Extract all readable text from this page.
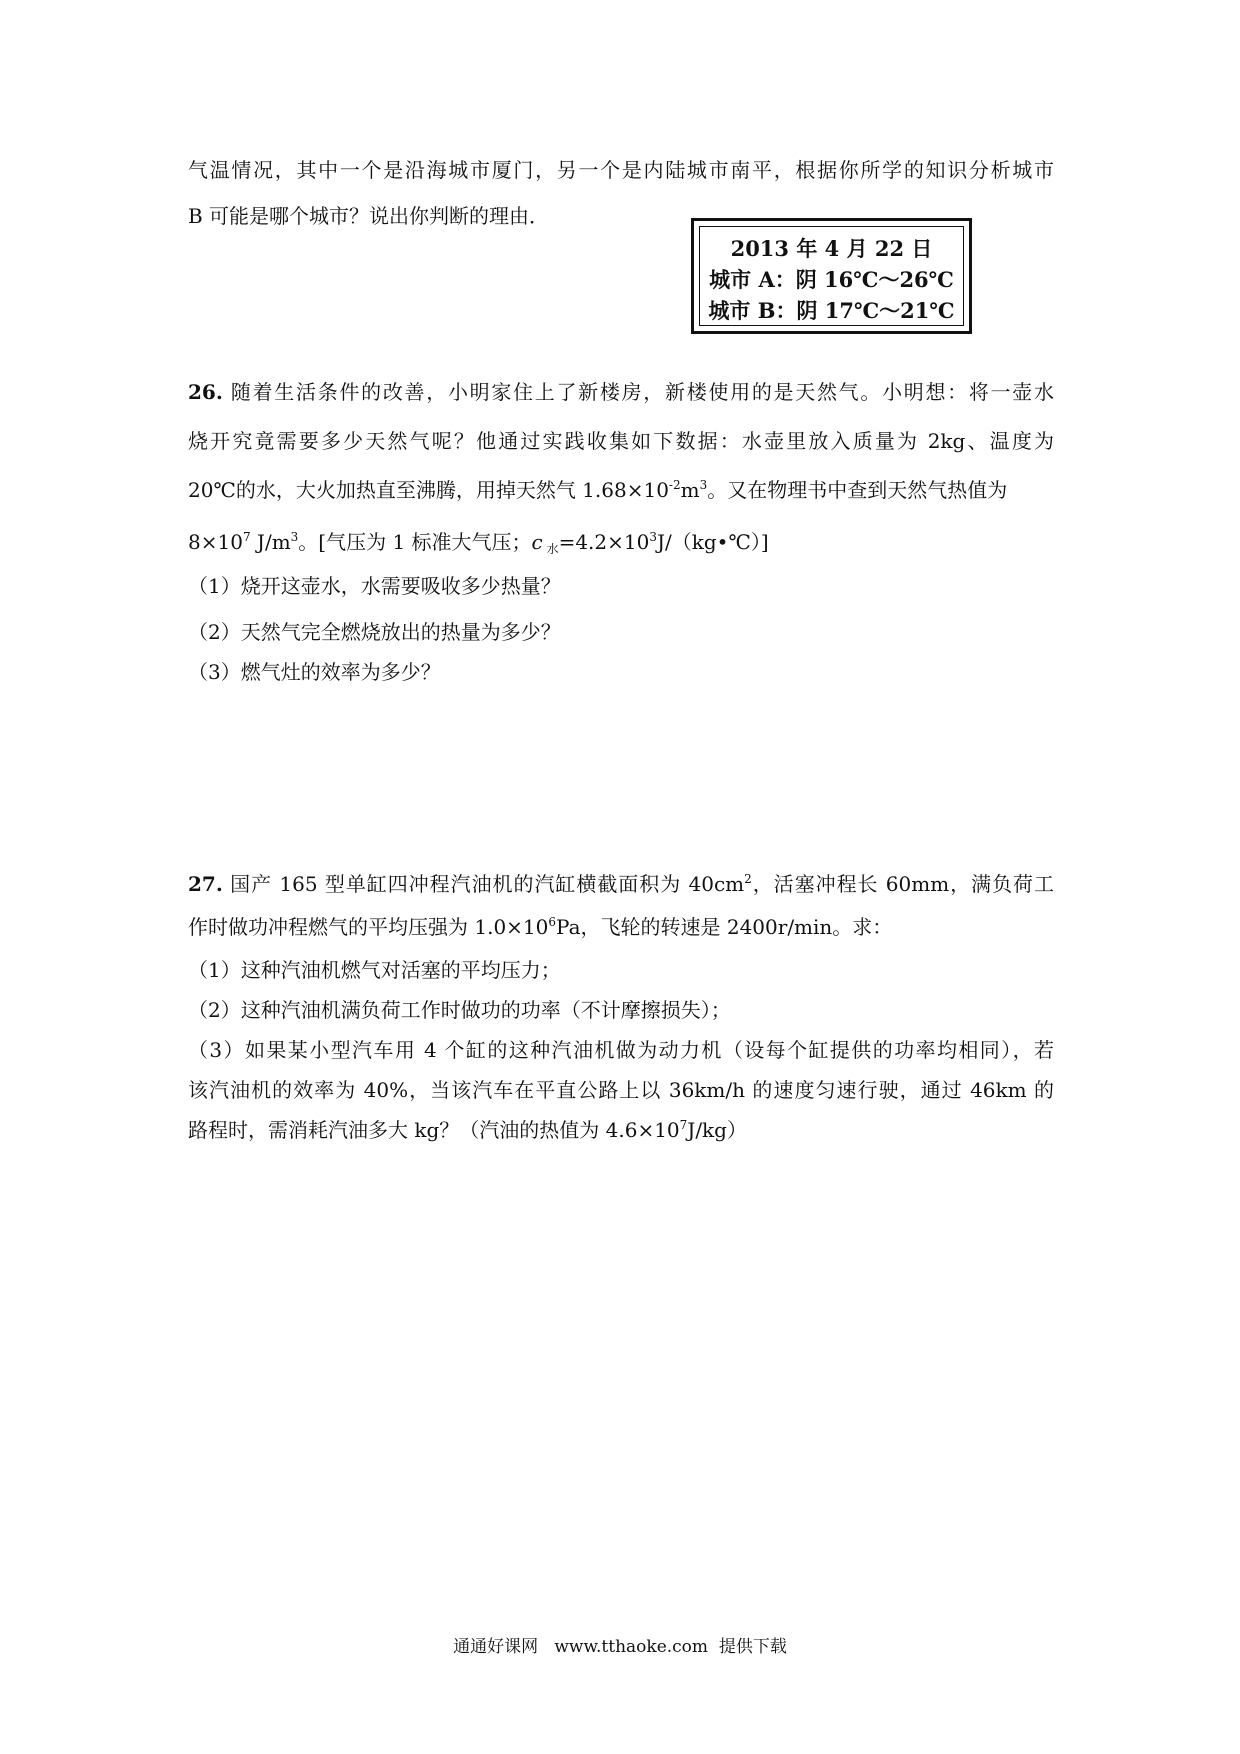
气温情况，其中一个是沿海城市厦门，另一个是内陆城市南平，根据你所学的知识分析城市
B 可能是哪个城市？说出你判断的理由．
2013 年 4 月 22 日
城市 A：阴 16℃～26℃
城市 B：阴 17℃～21℃
26. 随着生活条件的改善，小明家住上了新楼房，新楼使用的是天然气。小明想：将一壶水
烧开究竟需要多少天然气呢？他通过实践收集如下数据：水壶里放入质量为 2kg、温度为
20℃的水，大火加热直至沸腾，用掉天然气 $1.68\times 10^{-2}m^3$。又在物理书中查到天然气热值为
$8\times 10^7$ $J/m^3$。[气压为 1 标准大气压；c $_水=4.2\times 10^3J/(kg•℃)$]
（1）烧开这壶水，水需要吸收多少热量？
（2）天然气完全燃烧放出的热量为多少？
（3）燃气灶的效率为多少？
27. 国产 165 型单缸四冲程汽油机的汽缸横截面积为 $40cm^2$，活塞冲程长 60mm，满负荷工
作时做功冲程燃气的平均压强为 $1.0\times 10^6Pa$，飞轮的转速是 2400r/min。求：
（1）这种汽油机燃气对活塞的平均压力；
（2）这种汽油机满负荷工作时做功的功率（不计摩擦损失）；
（3）如果某小型汽车用 4 个缸的这种汽油机做为动力机（设每个缸提供的功率均相同），若
该汽油机的效率为 40%，当该汽车在平直公路上以 36km/h 的速度匀速行驶，通过 46km 的
路程时，需消耗汽油多大 kg？（汽油的热值为 $4.6\times 10^7J/kg$）
通通好课网   www.tthaoke.com  提供下载
